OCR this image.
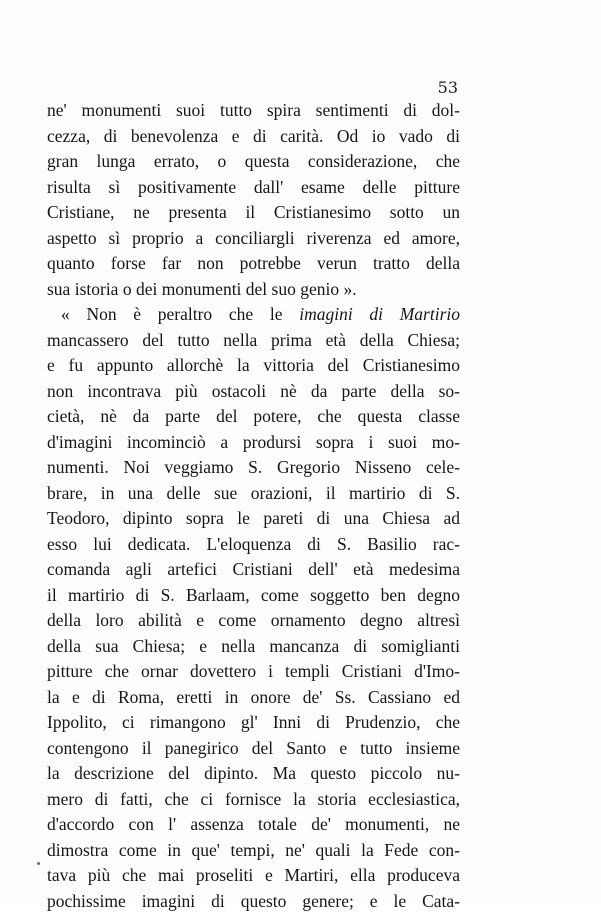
53
ne' monumenti suoi tutto spira sentimenti di dol-
cezza, di benevolenza e di carità. Od io vado di
gran lunga errato, o questa considerazione, che
risulta sì positivamente dall' esame delle pitture
Cristiane, ne presenta il Cristianesimo sotto un
aspetto sì proprio a conciliargli riverenza ed amore,
quanto forse far non potrebbe verun tratto della
sua istoria o dei monumenti del suo genio ».
« Non è peraltro che le imagini di Martirio
mancassero del tutto nella prima età della Chiesa;
e fu appunto allorchè la vittoria del Cristianesimo
non incontrava più ostacoli nè da parte della so-
cietà, nè da parte del potere, che questa classe
d'imagini incominciò a prodursi sopra i suoi mo-
numenti. Noi veggiamo S. Gregorio Nisseno cele-
brare, in una delle sue orazioni, il martirio di S.
Teodoro, dipinto sopra le pareti di una Chiesa ad
esso lui dedicata. L'eloquenza di S. Basilio rac-
comanda agli artefici Cristiani dell' età medesima
il martirio di S. Barlaam, come soggetto ben degno
della loro abilità e come ornamento degno altresì
della sua Chiesa; e nella mancanza di somiglianti
pitture che ornar dovettero i templi Cristiani d'Imo-
la e di Roma, eretti in onore de' Ss. Cassiano ed
Ippolito, ci rimangono gl' Inni di Prudenzio, che
contengono il panegirico del Santo e tutto insieme
la descrizione del dipinto. Ma questo piccolo nu-
mero di fatti, che ci fornisce la storia ecclesiastica,
d'accordo con l' assenza totale de' monumenti, ne
dimostra come in que' tempi, ne' quali la Fede con-
tava più che mai proseliti e Martiri, ella produceva
pochissime imagini di questo genere; e le Cata-
